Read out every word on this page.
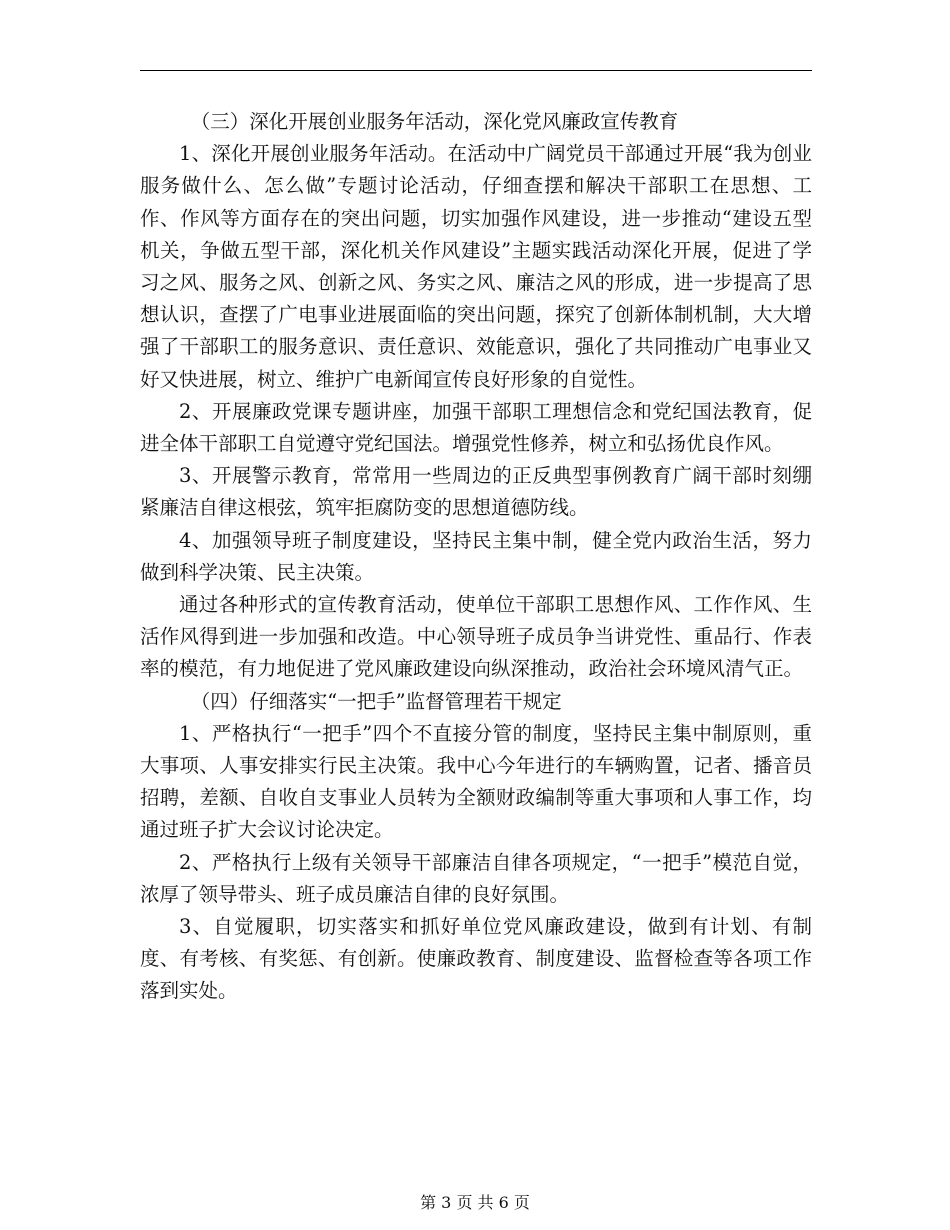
（三）深化开展创业服务年活动，深化党风廉政宣传教育

1、深化开展创业服务年活动。在活动中广阔党员干部通过开展“我为创业服务做什么、怎么做”专题讨论活动，仔细查摆和解决干部职工在思想、工作、作风等方面存在的突出问题，切实加强作风建设，进一步推动“建设五型机关，争做五型干部，深化机关作风建设”主题实践活动深化开展，促进了学习之风、服务之风、创新之风、务实之风、廉洁之风的形成，进一步提高了思想认识，查摆了广电事业进展面临的突出问题，探究了创新体制机制，大大增强了干部职工的服务意识、责任意识、效能意识，强化了共同推动广电事业又好又快进展，树立、维护广电新闻宣传良好形象的自觉性。

2、开展廉政党课专题讲座，加强干部职工理想信念和党纪国法教育，促进全体干部职工自觉遵守党纪国法。增强党性修养，树立和弘扬优良作风。

3、开展警示教育，常常用一些周边的正反典型事例教育广阔干部时刻绷紧廉洁自律这根弦，筑牢拒腐防变的思想道德防线。

4、加强领导班子制度建设，坚持民主集中制，健全党内政治生活，努力做到科学决策、民主决策。

通过各种形式的宣传教育活动，使单位干部职工思想作风、工作作风、生活作风得到进一步加强和改造。中心领导班子成员争当讲党性、重品行、作表率的模范，有力地促进了党风廉政建设向纵深推动，政治社会环境风清气正。

（四）仔细落实“一把手”监督管理若干规定

1、严格执行“一把手”四个不直接分管的制度，坚持民主集中制原则，重大事项、人事安排实行民主决策。我中心今年进行的车辆购置，记者、播音员招聘，差额、自收自支事业人员转为全额财政编制等重大事项和人事工作，均通过班子扩大会议讨论决定。

2、严格执行上级有关领导干部廉洁自律各项规定，“一把手”模范自觉，浓厚了领导带头、班子成员廉洁自律的良好氛围。

3、自觉履职，切实落实和抓好单位党风廉政建设，做到有计划、有制度、有考核、有奖惩、有创新。使廉政教育、制度建设、监督检查等各项工作落到实处。

第 3 页 共 6 页
